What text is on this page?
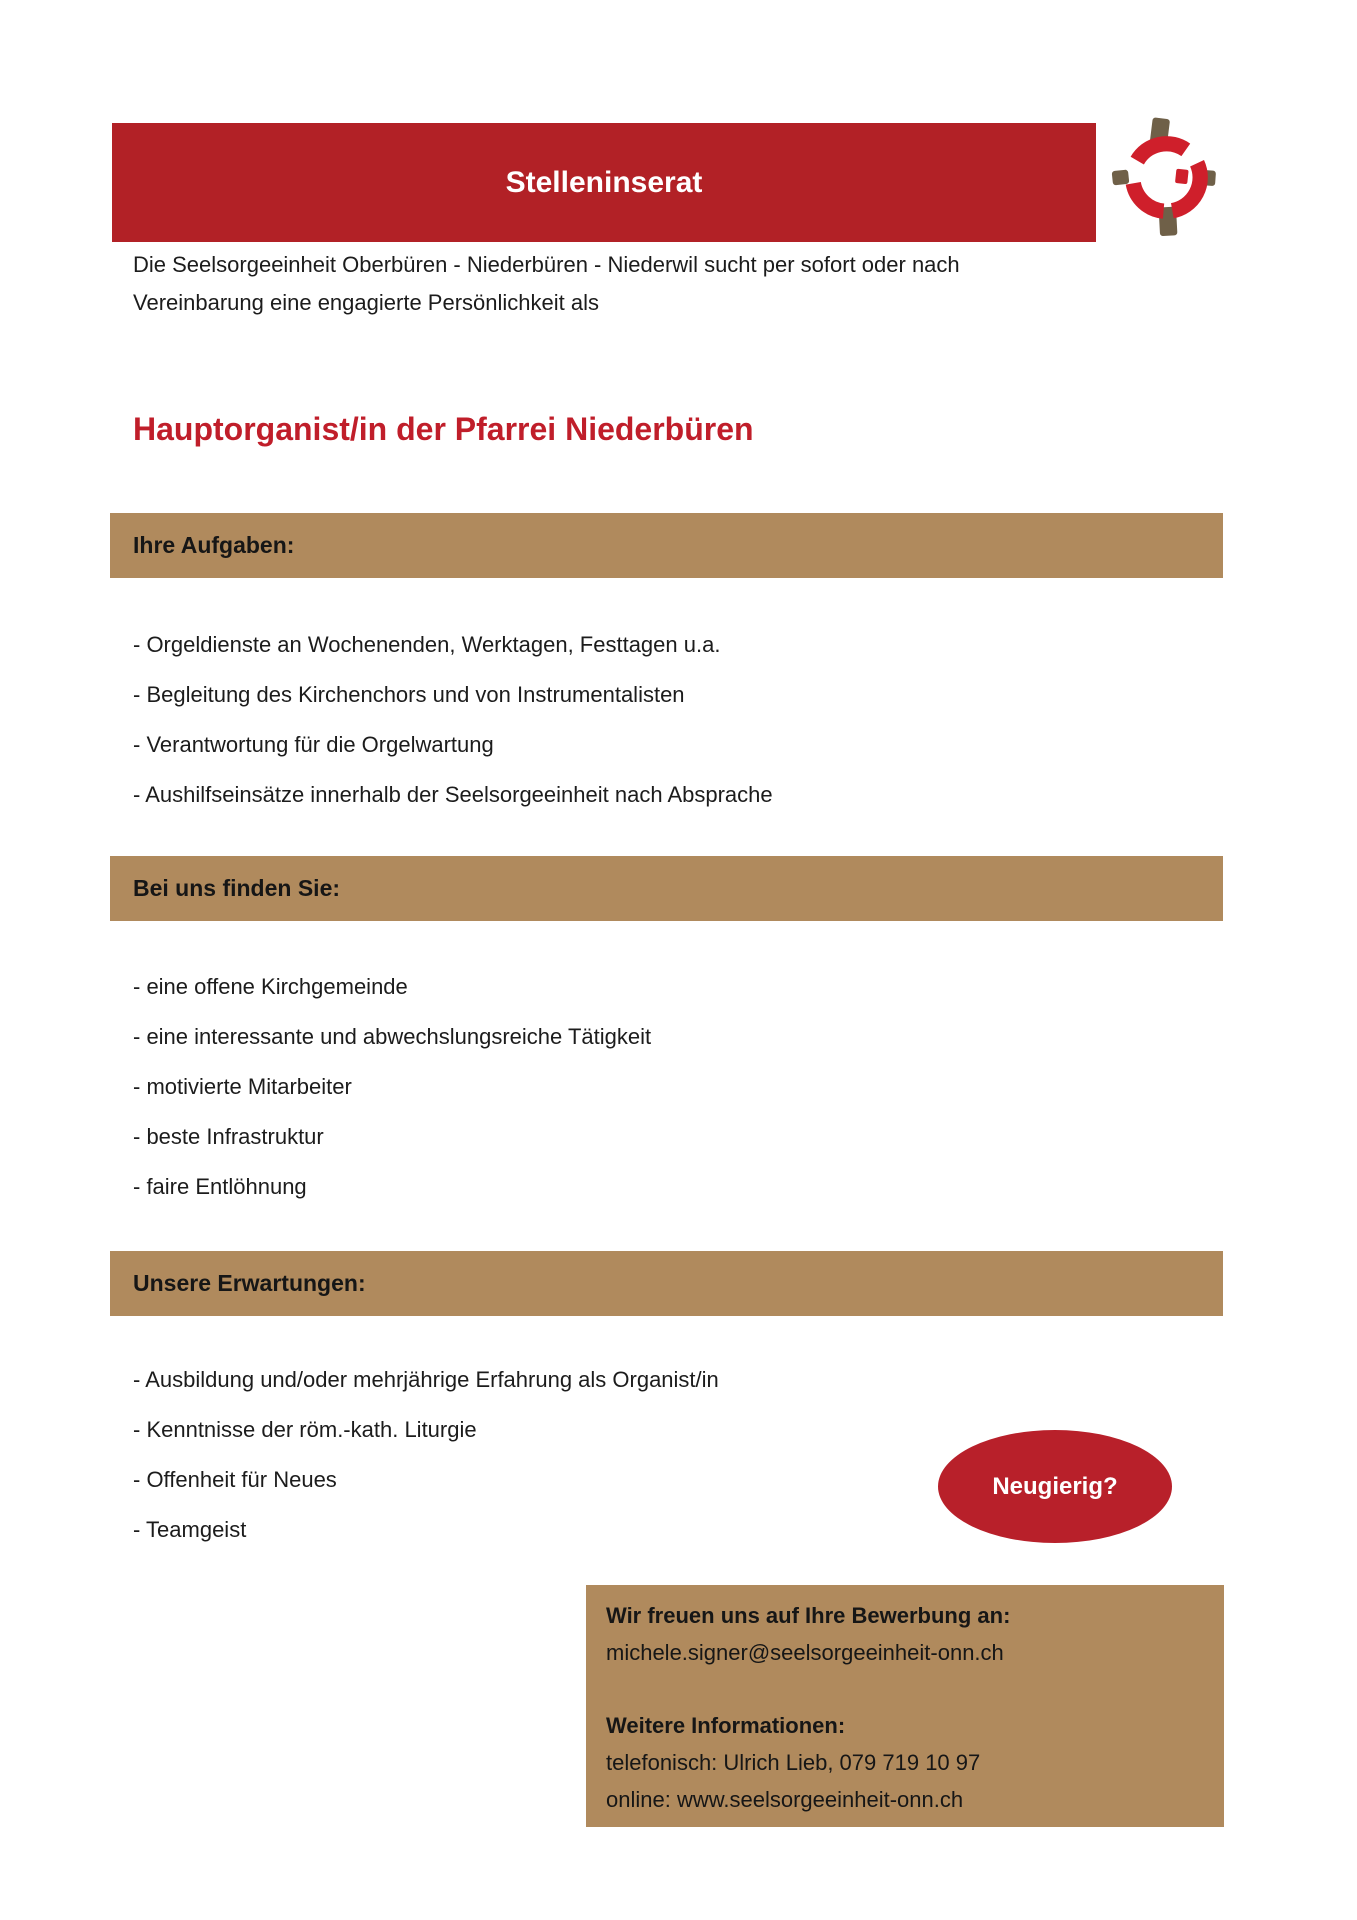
Stelleninserat

Die Seelsorgeeinheit Oberbüren - Niederbüren - Niederwil sucht per sofort oder nach Vereinbarung eine engagierte Persönlichkeit als

Hauptorganist/in der Pfarrei Niederbüren
Ihre Aufgaben:
- Orgeldienste an Wochenenden, Werktagen, Festtagen u.a.
- Begleitung des Kirchenchors und von Instrumentalisten
- Verantwortung für die Orgelwartung
- Aushilfseinsätze innerhalb der Seelsorgeeinheit nach Absprache
Bei uns finden Sie:
- eine offene Kirchgemeinde
- eine interessante und abwechslungsreiche Tätigkeit
- motivierte Mitarbeiter
- beste Infrastruktur
- faire Entlöhnung
Unsere Erwartungen:
- Ausbildung und/oder mehrjährige Erfahrung als Organist/in
- Kenntnisse der röm.-kath. Liturgie
- Offenheit für Neues
- Teamgeist
Neugierig?
Wir freuen uns auf Ihre Bewerbung an:
michele.signer@seelsorgeeinheit-onn.ch
Weitere Informationen:
telefonisch: Ulrich Lieb, 079 719 10 97
online: www.seelsorgeeinheit-onn.ch
